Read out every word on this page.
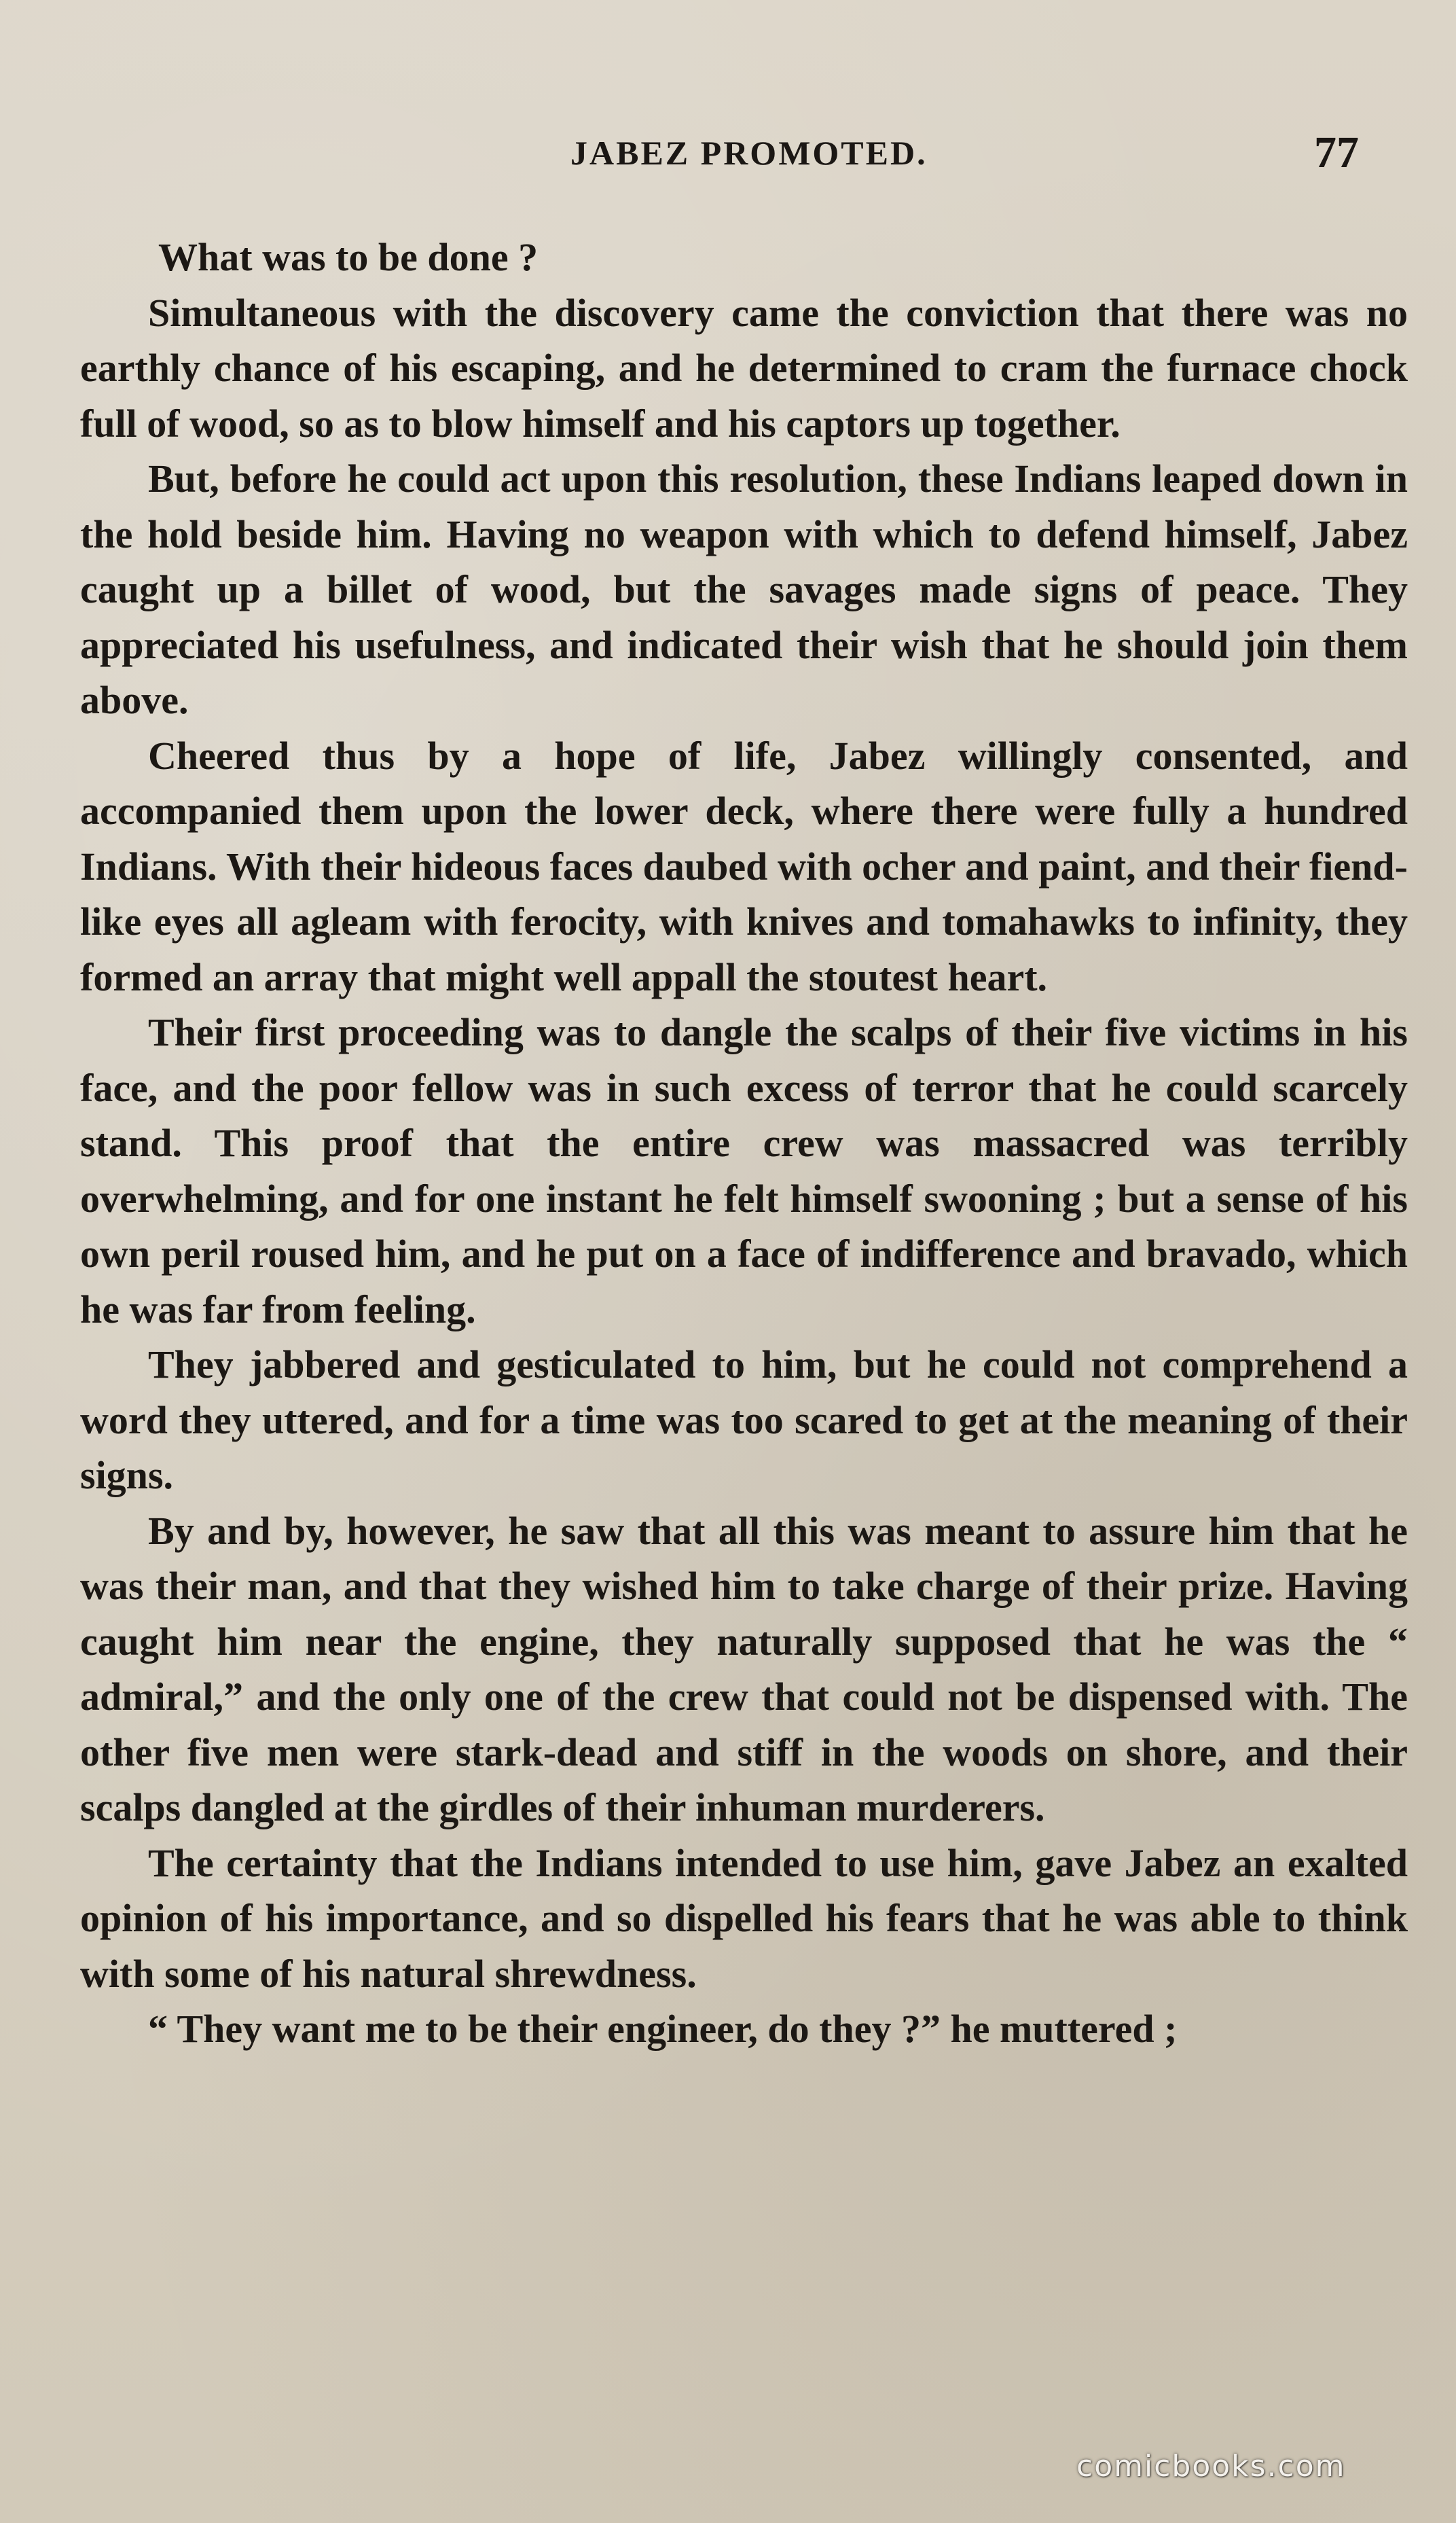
JABEZ PROMOTED.	77

What was to be done ?

Simultaneous with the discovery came the conviction that there was no earthly chance of his escaping, and he determined to cram the furnace chock full of wood, so as to blow himself and his captors up together.

But, before he could act upon this resolution, these Indians leaped down in the hold beside him. Having no weapon with which to defend himself, Jabez caught up a billet of wood, but the savages made signs of peace. They appreciated his usefulness, and indicated their wish that he should join them above.

Cheered thus by a hope of life, Jabez willingly consented, and accompanied them upon the lower deck, where there were fully a hundred Indians. With their hideous faces daubed with ocher and paint, and their fiend-like eyes all agleam with ferocity, with knives and tomahawks to infinity, they formed an array that might well appall the stoutest heart.

Their first proceeding was to dangle the scalps of their five victims in his face, and the poor fellow was in such excess of terror that he could scarcely stand. This proof that the entire crew was massacred was terribly overwhelming, and for one instant he felt himself swooning ; but a sense of his own peril roused him, and he put on a face of indifference and bravado, which he was far from feeling.

They jabbered and gesticulated to him, but he could not comprehend a word they uttered, and for a time was too scared to get at the meaning of their signs.

By and by, however, he saw that all this was meant to assure him that he was their man, and that they wished him to take charge of their prize. Having caught him near the engine, they naturally supposed that he was the “ admiral,” and the only one of the crew that could not be dispensed with. The other five men were stark-dead and stiff in the woods on shore, and their scalps dangled at the girdles of their inhuman murderers.

The certainty that the Indians intended to use him, gave Jabez an exalted opinion of his importance, and so dispelled his fears that he was able to think with some of his natural shrewdness.

“ They want me to be their engineer, do they ?” he muttered ;

comicbooks.com
